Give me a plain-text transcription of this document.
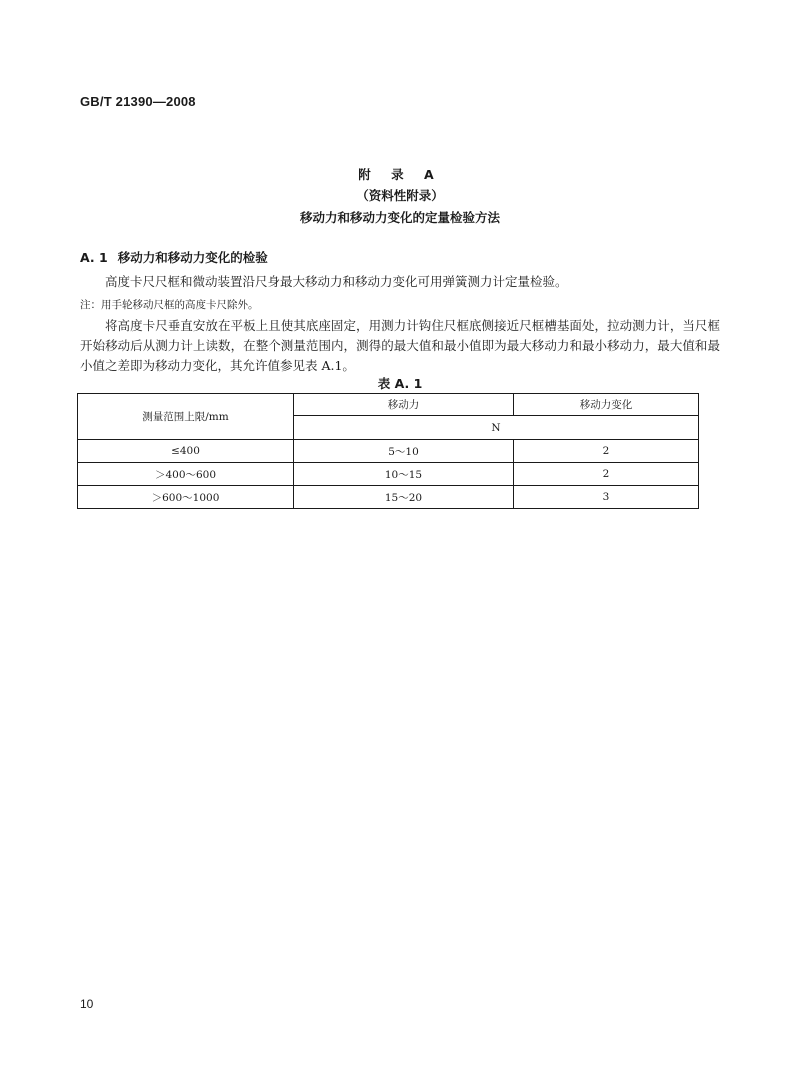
GB/T 21390—2008
附 录 A
（资料性附录）
移动力和移动力变化的定量检验方法
A. 1 移动力和移动力变化的检验
高度卡尺尺框和微动装置沿尺身最大移动力和移动力变化可用弹簧测力计定量检验。
注：用手轮移动尺框的高度卡尺除外。
将高度卡尺垂直安放在平板上且使其底座固定，用测力计钩住尺框底侧接近尺框槽基面处，拉动测力计，当尺框开始移动后从测力计上读数，在整个测量范围内，测得的最大值和最小值即为最大移动力和最小移动力，最大值和最小值之差即为移动力变化，其允许值参见表 A.1。
表 A. 1
测量范围上限/mm	移动力	移动力变化
	N	
≤400	5～10	2
＞400～600	10～15	2
＞600～1000	15～20	3
10
